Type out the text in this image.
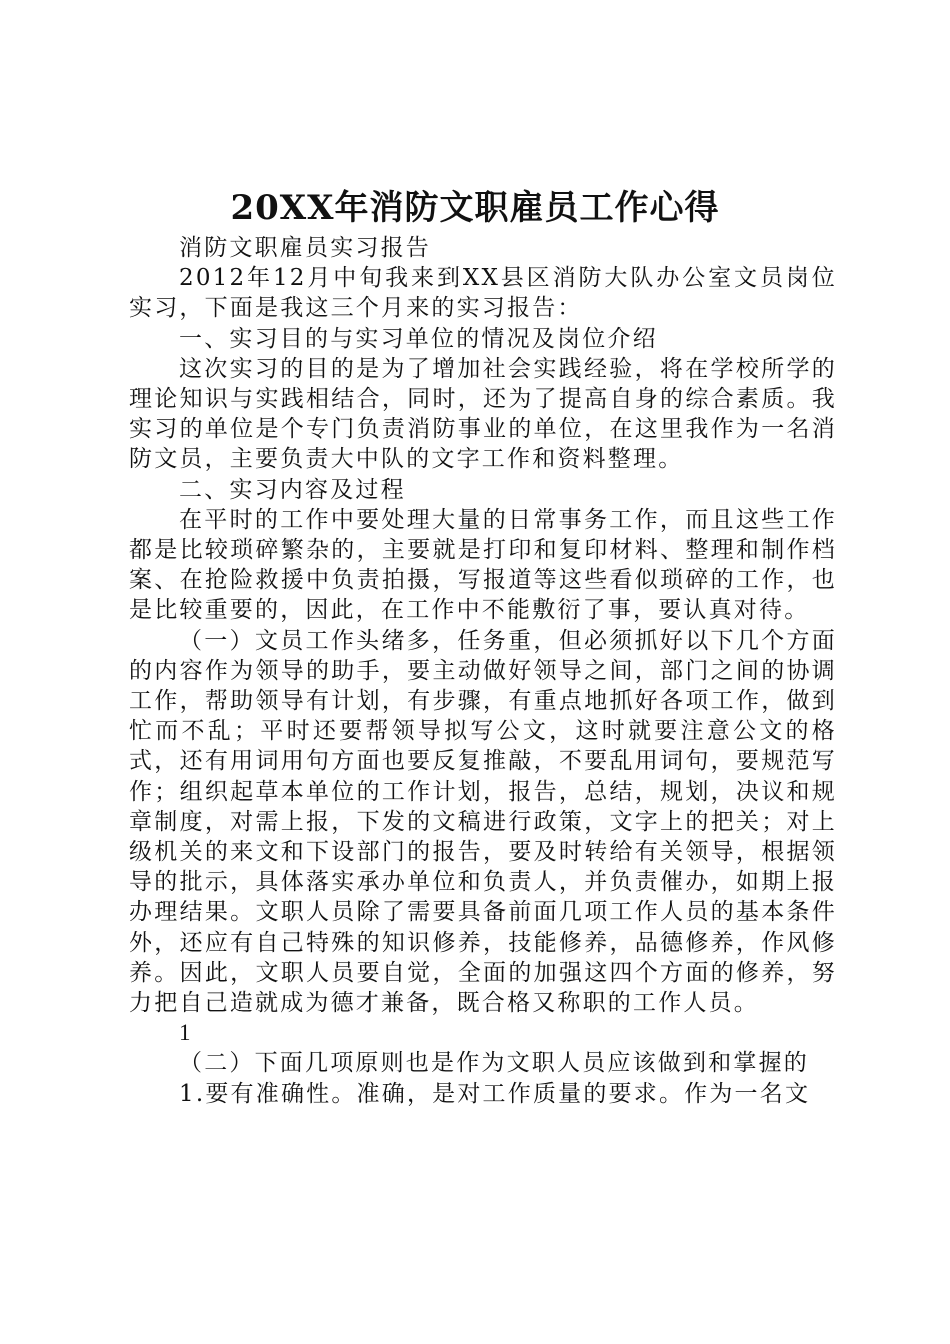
20XX年消防文职雇员工作心得

消防文职雇员实习报告

2012年12月中旬我来到XX县区消防大队办公室文员岗位实习，下面是我这三个月来的实习报告：

一、实习目的与实习单位的情况及岗位介绍

这次实习的目的是为了增加社会实践经验，将在学校所学的理论知识与实践相结合，同时，还为了提高自身的综合素质。我实习的单位是个专门负责消防事业的单位，在这里我作为一名消防文员，主要负责大中队的文字工作和资料整理。

二、实习内容及过程

在平时的工作中要处理大量的日常事务工作，而且这些工作都是比较琐碎繁杂的，主要就是打印和复印材料、整理和制作档案、在抢险救援中负责拍摄，写报道等这些看似琐碎的工作，也是比较重要的，因此，在工作中不能敷衍了事，要认真对待。

（一）文员工作头绪多，任务重，但必须抓好以下几个方面的内容作为领导的助手，要主动做好领导之间，部门之间的协调工作，帮助领导有计划，有步骤，有重点地抓好各项工作，做到忙而不乱；平时还要帮领导拟写公文，这时就要注意公文的格式，还有用词用句方面也要反复推敲，不要乱用词句，要规范写作；组织起草本单位的工作计划，报告，总结，规划，决议和规章制度，对需上报，下发的文稿进行政策，文字上的把关；对上级机关的来文和下设部门的报告，要及时转给有关领导，根据领导的批示，具体落实承办单位和负责人，并负责催办，如期上报办理结果。文职人员除了需要具备前面几项工作人员的基本条件外，还应有自己特殊的知识修养，技能修养，品德修养，作风修养。因此，文职人员要自觉，全面的加强这四个方面的修养，努力把自己造就成为德才兼备，既合格又称职的工作人员。

1

（二）下面几项原则也是作为文职人员应该做到和掌握的

1.要有准确性。准确，是对工作质量的要求。作为一名文
